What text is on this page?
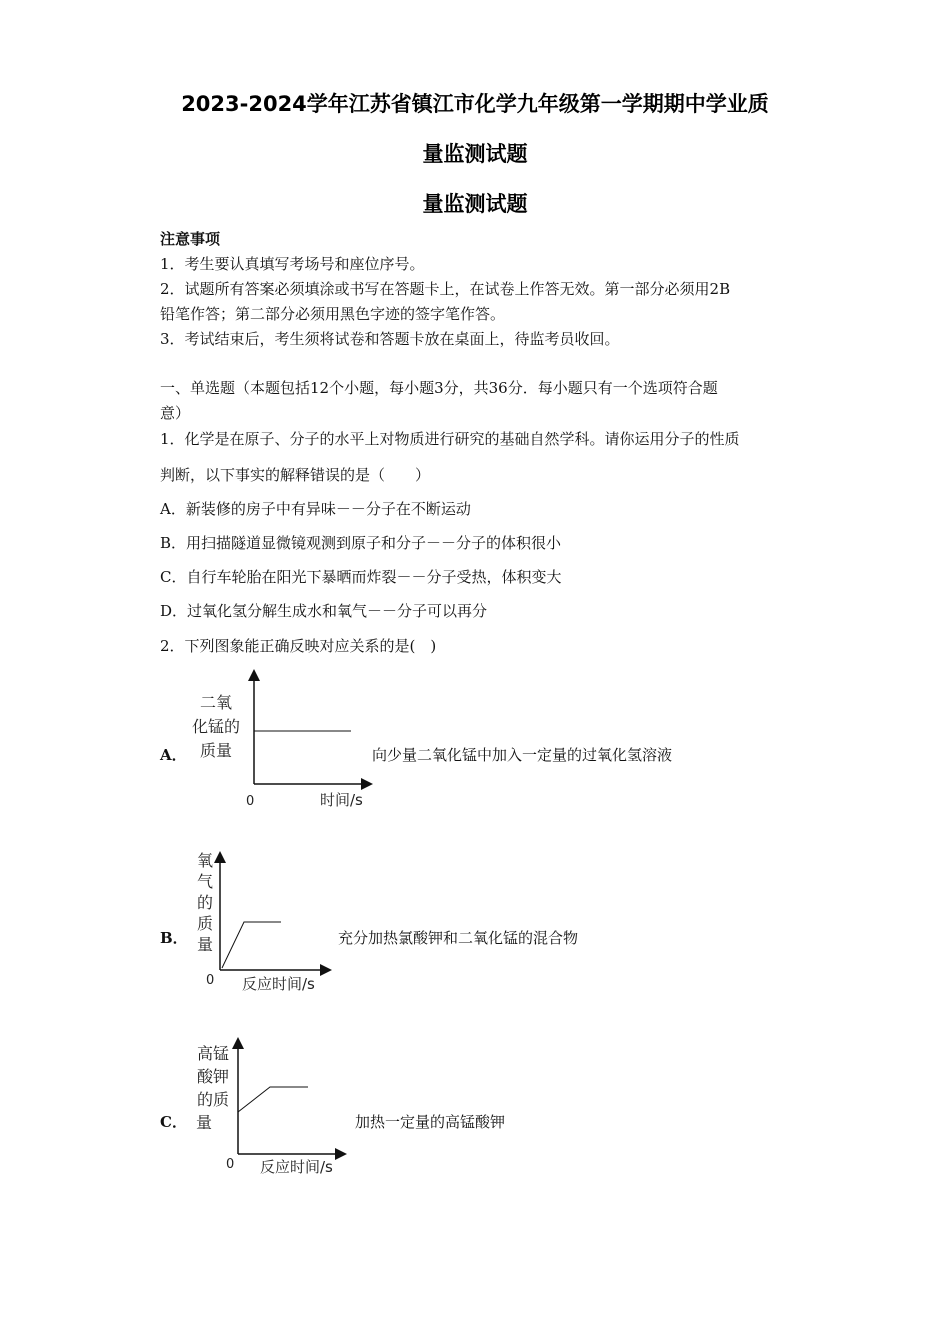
2023-2024学年江苏省镇江市化学九年级第一学期期中学业质
量监测试题
量监测试题
注意事项
1．考生要认真填写考场号和座位序号。
2．试题所有答案必须填涂或书写在答题卡上，在试卷上作答无效。第一部分必须用2B
铅笔作答；第二部分必须用黑色字迹的签字笔作答。
3．考试结束后，考生须将试卷和答题卡放在桌面上，待监考员收回。
一、单选题（本题包括12个小题，每小题3分，共36分．每小题只有一个选项符合题
意）
1．化学是在原子、分子的水平上对物质进行研究的基础自然学科。请你运用分子的性质
判断，以下事实的解释错误的是（　　）
A．新装修的房子中有异味－－分子在不断运动
B．用扫描隧道显微镜观测到原子和分子－－分子的体积很小
C．自行车轮胎在阳光下暴晒而炸裂－－分子受热，体积变大
D．过氧化氢分解生成水和氧气－－分子可以再分
2．下列图象能正确反映对应关系的是(　)
A．	向少量二氧化锰中加入一定量的过氧化氢溶液
二氧
化锰的
质量
0	时间/s
氧
气
的
质
量
0 反应时间/s
高锰
酸钾
的质
量
0 反应时间/s
B．	充分加热氯酸钾和二氧化锰的混合物
C．	加热一定量的高锰酸钾
